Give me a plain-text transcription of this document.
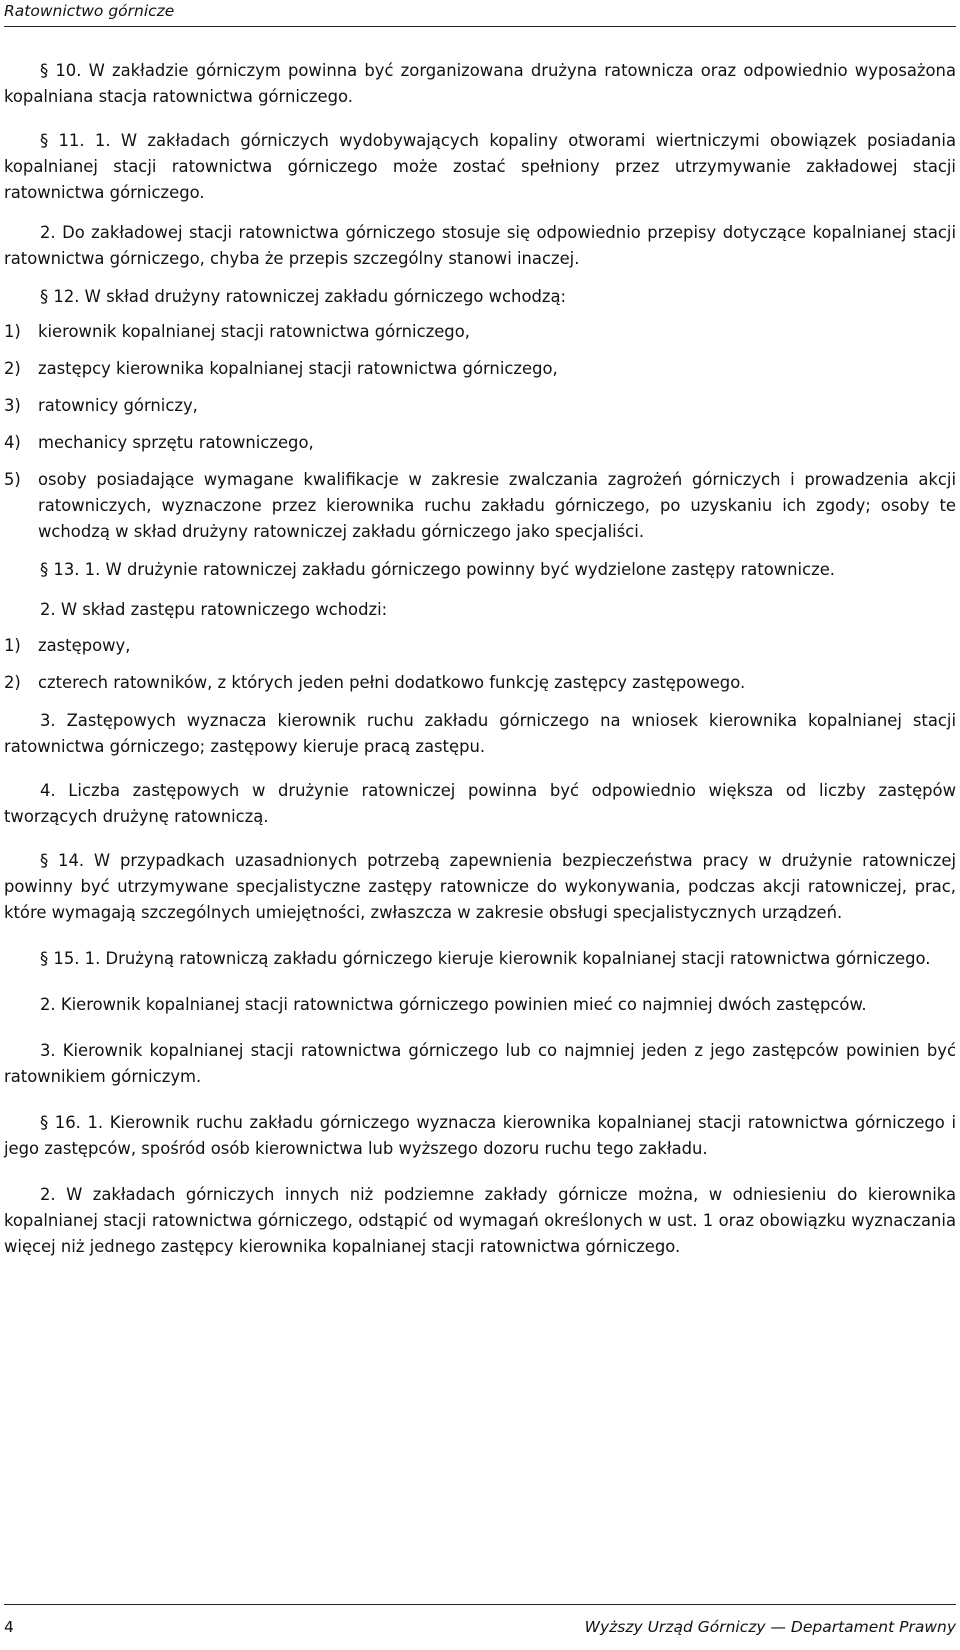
Ratownictwo górnicze

§ 10. W zakładzie górniczym powinna być zorganizowana drużyna ratownicza oraz odpowiednio wyposażona kopalniana stacja ratownictwa górniczego.

§ 11. 1. W zakładach górniczych wydobywających kopaliny otworami wiertniczymi obowiązek posiadania kopalnianej stacji ratownictwa górniczego może zostać spełniony przez utrzymywanie zakładowej stacji ratownictwa górniczego.

2. Do zakładowej stacji ratownictwa górniczego stosuje się odpowiednio przepisy dotyczące kopalnianej stacji ratownictwa górniczego, chyba że przepis szczególny stanowi inaczej.

§ 12. W skład drużyny ratowniczej zakładu górniczego wchodzą:

1)	kierownik kopalnianej stacji ratownictwa górniczego,
2)	zastępcy kierownika kopalnianej stacji ratownictwa górniczego,
3)	ratownicy górniczy,
4)	mechanicy sprzętu ratowniczego,
5)	osoby posiadające wymagane kwalifikacje w zakresie zwalczania zagrożeń górniczych i prowadzenia akcji ratowniczych, wyznaczone przez kierownika ruchu zakładu górniczego, po uzyskaniu ich zgody; osoby te wchodzą w skład drużyny ratowniczej zakładu górniczego jako specjaliści.

§ 13. 1. W drużynie ratowniczej zakładu górniczego powinny być wydzielone zastępy ratownicze.

2. W skład zastępu ratowniczego wchodzi:

1)	zastępowy,
2)	czterech ratowników, z których jeden pełni dodatkowo funkcję zastępcy zastępowego.

3. Zastępowych wyznacza kierownik ruchu zakładu górniczego na wniosek kierownika kopalnianej stacji ratownictwa górniczego; zastępowy kieruje pracą zastępu.

4. Liczba zastępowych w drużynie ratowniczej powinna być odpowiednio większa od liczby zastępów tworzących drużynę ratowniczą.

§ 14. W przypadkach uzasadnionych potrzebą zapewnienia bezpieczeństwa pracy w drużynie ratowniczej powinny być utrzymywane specjalistyczne zastępy ratownicze do wykonywania, podczas akcji ratowniczej, prac, które wymagają szczególnych umiejętności, zwłaszcza w zakresie obsługi specjalistycznych urządzeń.

§ 15. 1. Drużyną ratowniczą zakładu górniczego kieruje kierownik kopalnianej stacji ratownictwa górniczego.

2. Kierownik kopalnianej stacji ratownictwa górniczego powinien mieć co najmniej dwóch zastępców.

3. Kierownik kopalnianej stacji ratownictwa górniczego lub co najmniej jeden z jego zastępców powinien być ratownikiem górniczym.

§ 16. 1. Kierownik ruchu zakładu górniczego wyznacza kierownika kopalnianej stacji ratownictwa górniczego i jego zastępców, spośród osób kierownictwa lub wyższego dozoru ruchu tego zakładu.

2. W zakładach górniczych innych niż podziemne zakłady górnicze można, w odniesieniu do kierownika kopalnianej stacji ratownictwa górniczego, odstąpić od wymagań określonych w ust. 1 oraz obowiązku wyznaczania więcej niż jednego zastępcy kierownika kopalnianej stacji ratownictwa górniczego.

4	Wyższy Urząd Górniczy — Departament Prawny
